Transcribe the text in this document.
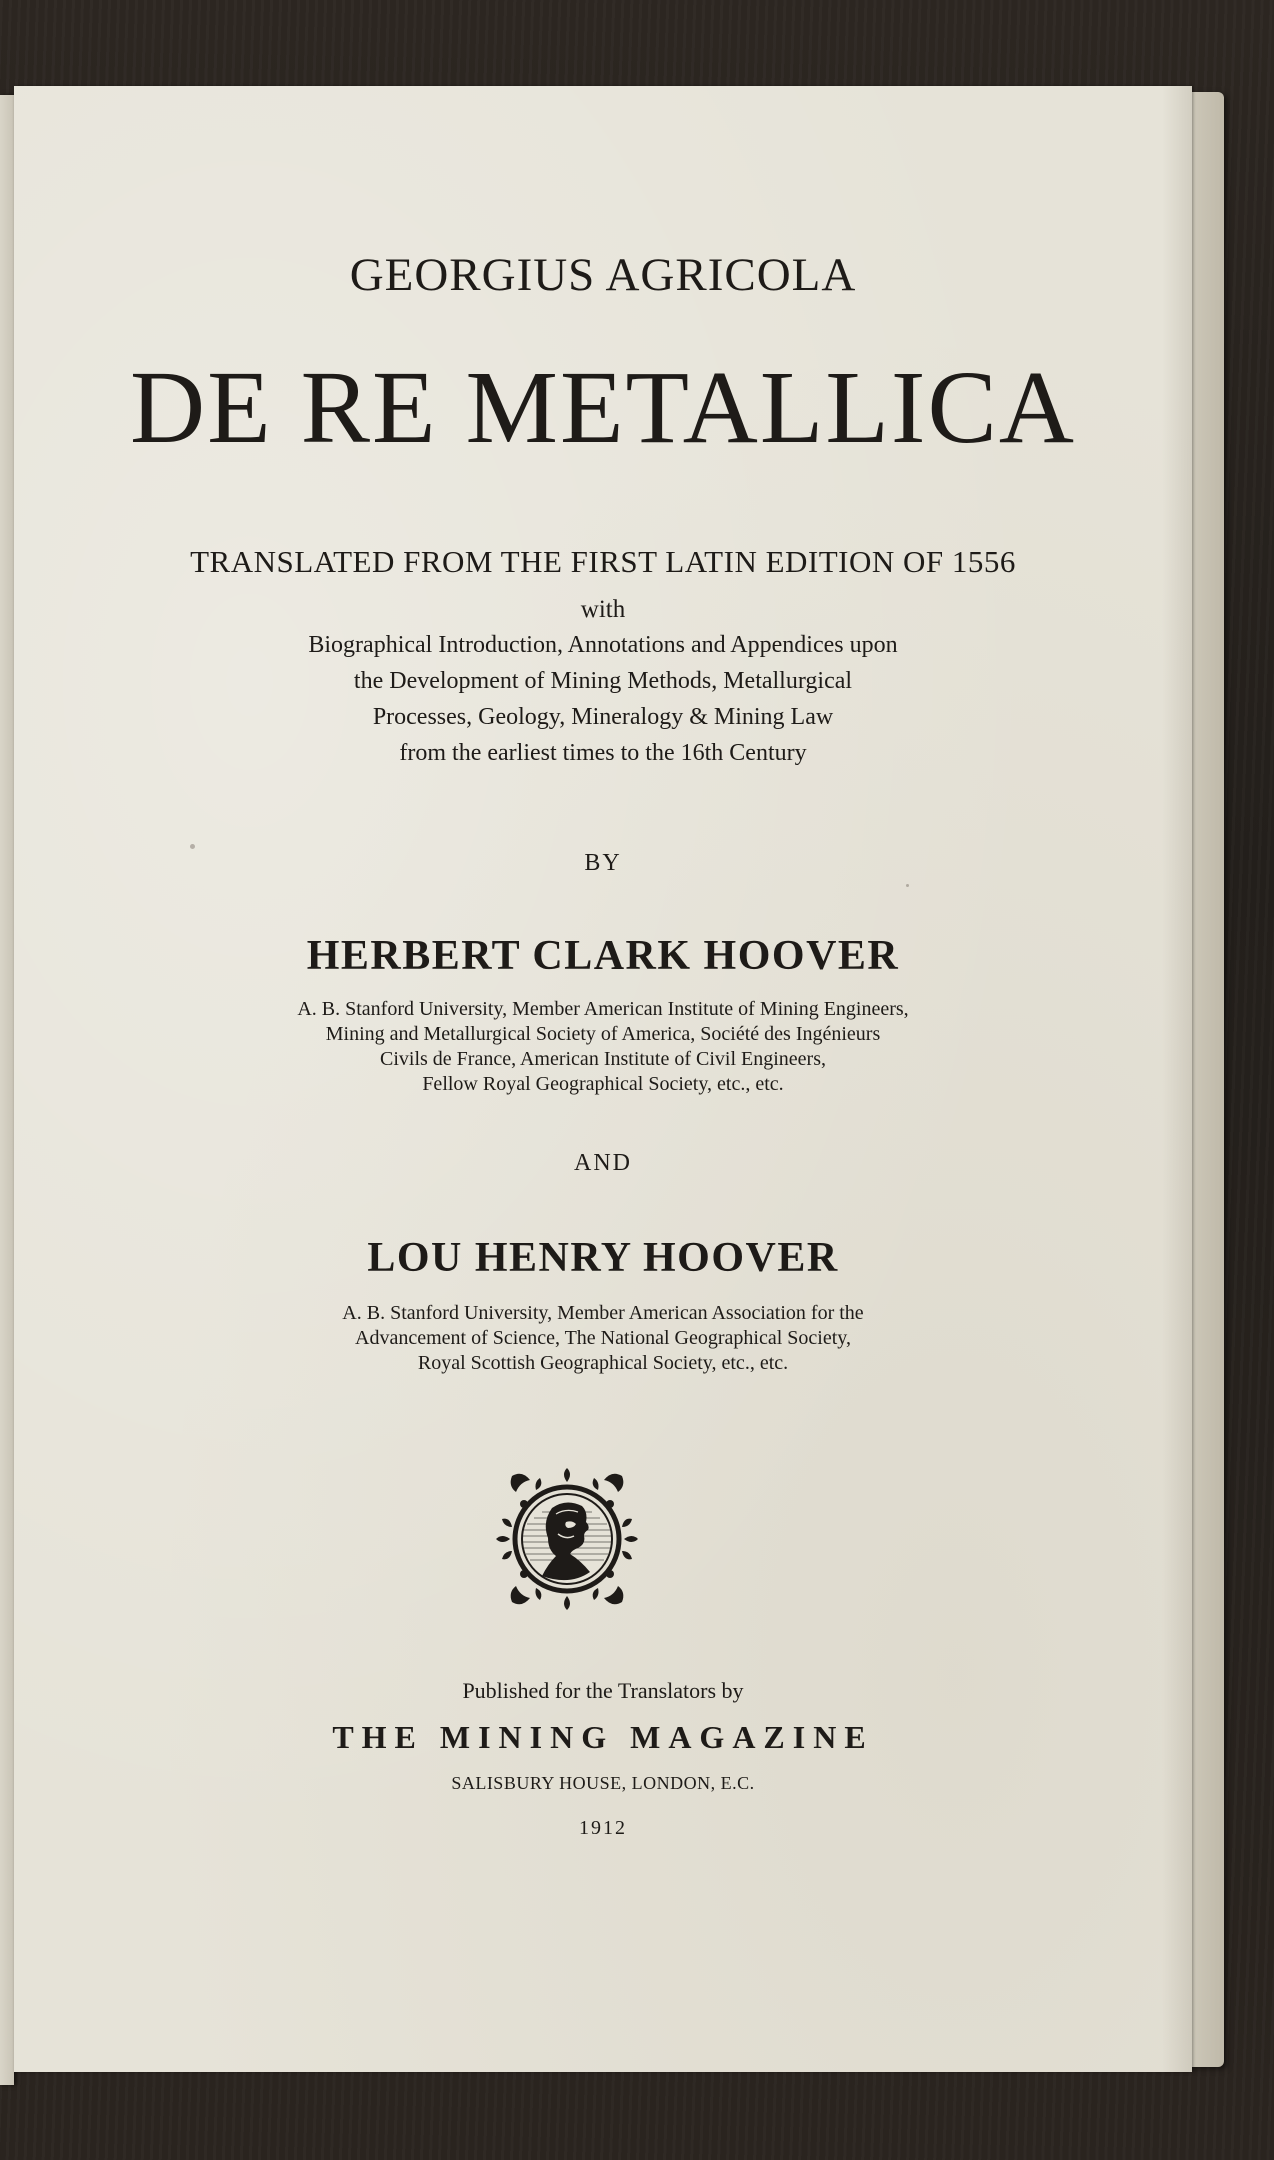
GEORGIUS AGRICOLA
DE RE METALLICA

TRANSLATED FROM THE FIRST LATIN EDITION OF 1556

with

Biographical Introduction, Annotations and Appendices upon

the Development of Mining Methods, Metallurgical

Processes, Geology, Mineralogy & Mining Law

from the earliest times to the 16th Century

BY

HERBERT CLARK HOOVER

A. B. Stanford University, Member American Institute of Mining Engineers,

Mining and Metallurgical Society of America, Société des Ingénieurs

Civils de France, American Institute of Civil Engineers,

Fellow Royal Geographical Society, etc., etc.

AND

LOU HENRY HOOVER

A. B. Stanford University, Member American Association for the

Advancement of Science, The National Geographical Society,

Royal Scottish Geographical Society, etc., etc.

Published for the Translators by

THE MINING MAGAZINE

SALISBURY HOUSE, LONDON, E.C.

1912
